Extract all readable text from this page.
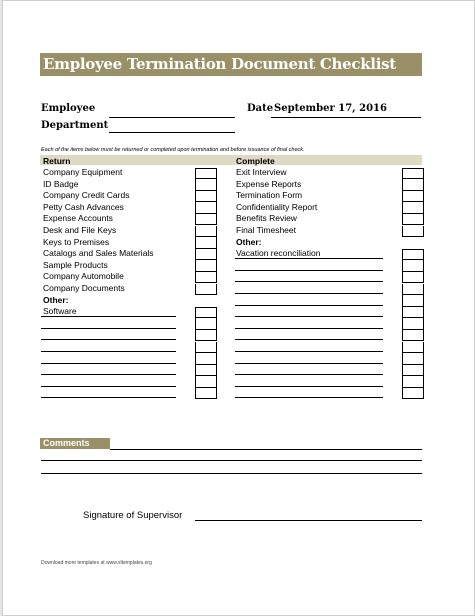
Employee Termination Document Checklist
Employee
Department
Date September 17, 2016
Each of the items below must be returned or completed upon termination and before issuance of final check.
Return	Complete
Comments
Signature of Supervisor
Download more templates at www.xltemplates.org
Company Equipment
ID Badge
Company Credit Cards
Petty Cash Advances
Expense Accounts
Desk and File Keys
Keys to Premises
Catalogs and Sales Materials
Sample Products
Company Automobile
Company Documents
Other:
Software
Exit Interview
Expense Reports
Termination Form
Confidentiality Report
Benefits Review
Final Timesheet
Other:
Vacation reconciliation
